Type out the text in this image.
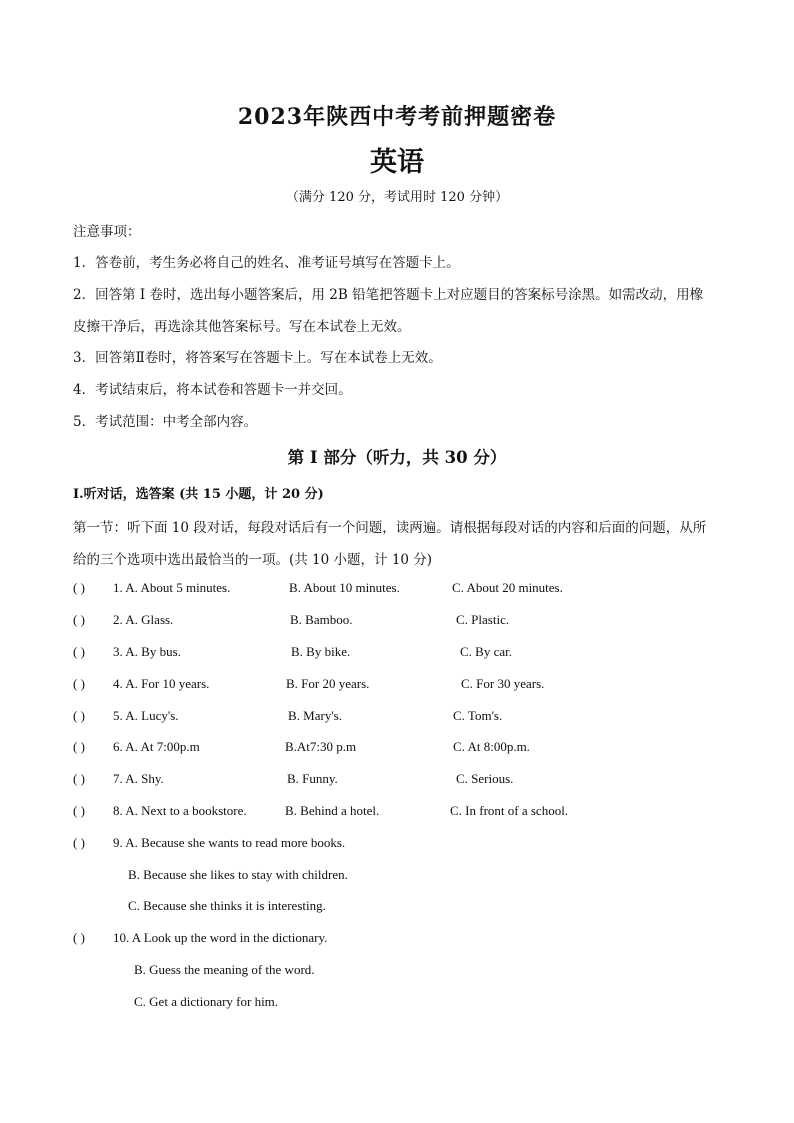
2023年陕西中考考前押题密卷
英语
（满分 120 分，考试用时 120 分钟）
注意事项：
1．答卷前，考生务必将自己的姓名、准考证号填写在答题卡上。
2．回答第 I 卷时，选出每小题答案后，用 2B 铅笔把答题卡上对应题目的答案标号涂黑。如需改动，用橡
皮擦干净后，再选涂其他答案标号。写在本试卷上无效。
3．回答第Ⅱ卷时，将答案写在答题卡上。写在本试卷上无效。
4．考试结束后，将本试卷和答题卡一并交回。
5．考试范围：中考全部内容。
第 I 部分（听力，共 30 分）
Ⅰ.听对话，选答案 (共 15 小题，计 20 分)
第一节：听下面 10 段对话，每段对话后有一个问题，读两遍。请根据每段对话的内容和后面的问题，从所
给的三个选项中选出最恰当的一项。(共 10 小题，计 10 分)
( ) 1. A. About 5 minutes.	B. About 10 minutes.	C. About 20 minutes.
( ) 2. A. Glass.	B. Bamboo.	C. Plastic.
( ) 3. A. By bus.	B. By bike.	C. By car.
( ) 4. A. For 10 years.	B. For 20 years.	C. For 30 years.
( ) 5. A. Lucy's.	B. Mary's.	C. Tom's.
( ) 6. A. At 7:00p.m	B.At7:30 p.m	C. At 8:00p.m.
( ) 7. A. Shy.	B. Funny.	C. Serious.
( ) 8. A. Next to a bookstore.	B. Behind a hotel.	C. In front of a school.
( ) 9. A. Because she wants to read more books.
B. Because she likes to stay with children.
C. Because she thinks it is interesting.
( ) 10. A Look up the word in the dictionary.
B. Guess the meaning of the word.
C. Get a dictionary for him.
